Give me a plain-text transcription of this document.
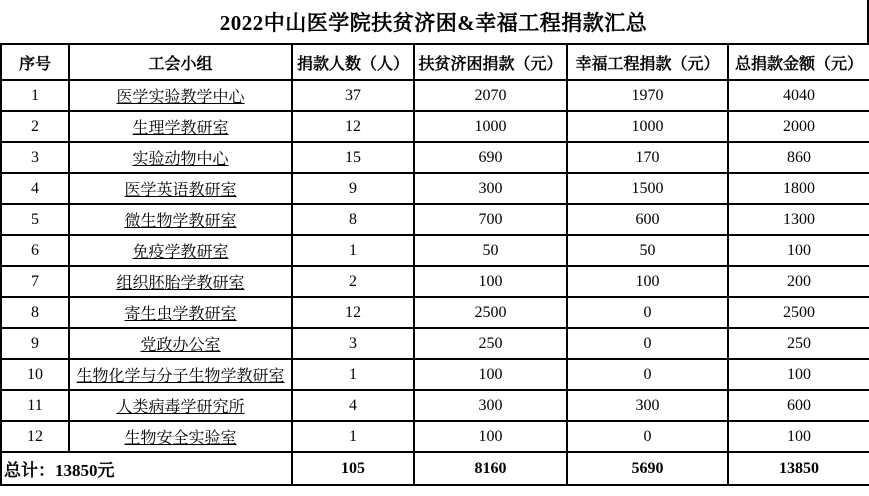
2022中山医学院扶贫济困&幸福工程捐款汇总
序号	工会小组	捐款人数（人）	扶贫济困捐款（元）	幸福工程捐款（元）	总捐款金额（元）
1	医学实验教学中心	37	2070	1970	4040
2	生理学教研室	12	1000	1000	2000
3	实验动物中心	15	690	170	860
4	医学英语教研室	9	300	1500	1800
5	微生物学教研室	8	700	600	1300
6	免疫学教研室	1	50	50	100
7	组织胚胎学教研室	2	100	100	200
8	寄生虫学教研室	12	2500	0	2500
9	党政办公室	3	250	0	250
10	生物化学与分子生物学教研室	1	100	0	100
11	人类病毒学研究所	4	300	300	600
12	生物安全实验室	1	100	0	100
总计：13850元		105	8160	5690	13850
